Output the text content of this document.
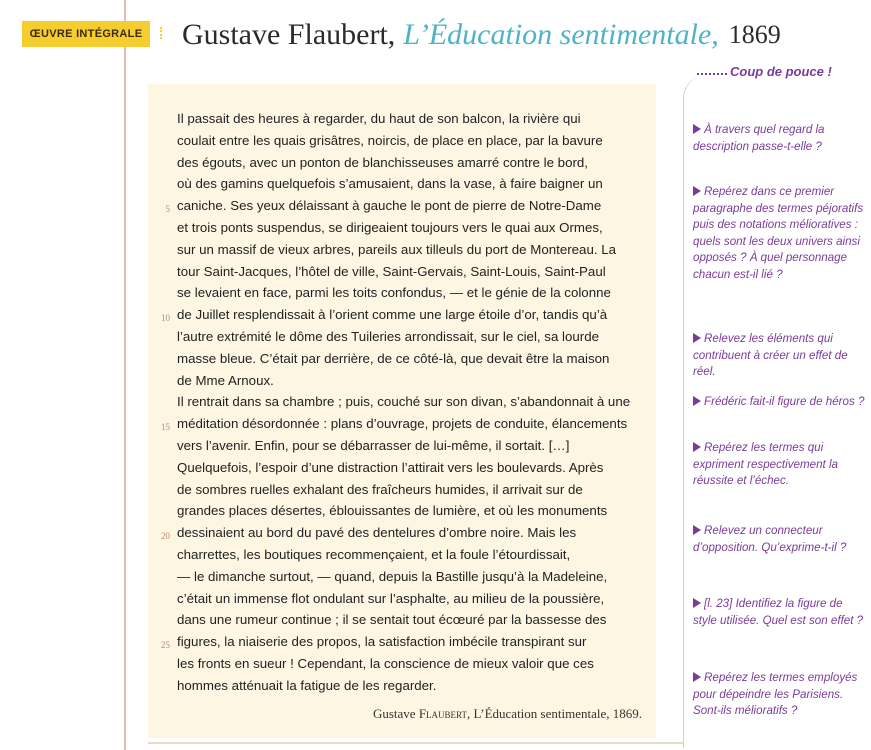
ŒUVRE INTÉGRALE Gustave Flaubert, L’Éducation sentimentale, 1869
5
10
15
20
25
Il passait des heures à regarder, du haut de son balcon, la rivière qui
coulait entre les quais grisâtres, noircis, de place en place, par la bavure
des égouts, avec un ponton de blanchisseuses amarré contre le bord,
où des gamins quelquefois s’amusaient, dans la vase, à faire baigner un
caniche. Ses yeux délaissant à gauche le pont de pierre de Notre-Dame
et trois ponts suspendus, se dirigeaient toujours vers le quai aux Ormes,
sur un massif de vieux arbres, pareils aux tilleuls du port de Montereau. La
tour Saint-Jacques, l’hôtel de ville, Saint-Gervais, Saint-Louis, Saint-Paul
se levaient en face, parmi les toits confondus, — et le génie de la colonne
de Juillet resplendissait à l’orient comme une large étoile d’or, tandis qu’à
l’autre extrémité le dôme des Tuileries arrondissait, sur le ciel, sa lourde
masse bleue. C’était par derrière, de ce côté-là, que devait être la maison
de Mme Arnoux.
Il rentrait dans sa chambre ; puis, couché sur son divan, s’abandonnait à une
méditation désordonnée : plans d’ouvrage, projets de conduite, élancements
vers l’avenir. Enfin, pour se débarrasser de lui-même, il sortait. […]
Quelquefois, l’espoir d’une distraction l’attirait vers les boulevards. Après
de sombres ruelles exhalant des fraîcheurs humides, il arrivait sur de
grandes places désertes, éblouissantes de lumière, et où les monuments
dessinaient au bord du pavé des dentelures d’ombre noire. Mais les
charrettes, les boutiques recommençaient, et la foule l’étourdissait,
— le dimanche surtout, — quand, depuis la Bastille jusqu’à la Madeleine,
c’était un immense flot ondulant sur l’asphalte, au milieu de la poussière,
dans une rumeur continue ; il se sentait tout écœuré par la bassesse des
figures, la niaiserie des propos, la satisfaction imbécile transpirant sur
les fronts en sueur ! Cependant, la conscience de mieux valoir que ces
hommes atténuait la fatigue de les regarder.
Gustave Flaubert, L’Éducation sentimentale, 1869.
Coup de pouce !
À travers quel regard la description passe-t-elle ?
Repérez dans ce premier paragraphe des termes péjoratifs puis des notations mélioratives : quels sont les deux univers ainsi opposés ? À quel personnage chacun est-il lié ?
Relevez les éléments qui contribuent à créer un effet de réel.
Frédéric fait-il figure de héros ?
Repérez les termes qui expriment respectivement la réussite et l’échec.
Relevez un connecteur d’opposition. Qu’exprime-t-il ?
[l. 23] Identifiez la figure de style utilisée. Quel est son effet ?
Repérez les termes employés pour dépeindre les Parisiens. Sont-ils mélioratifs ?
